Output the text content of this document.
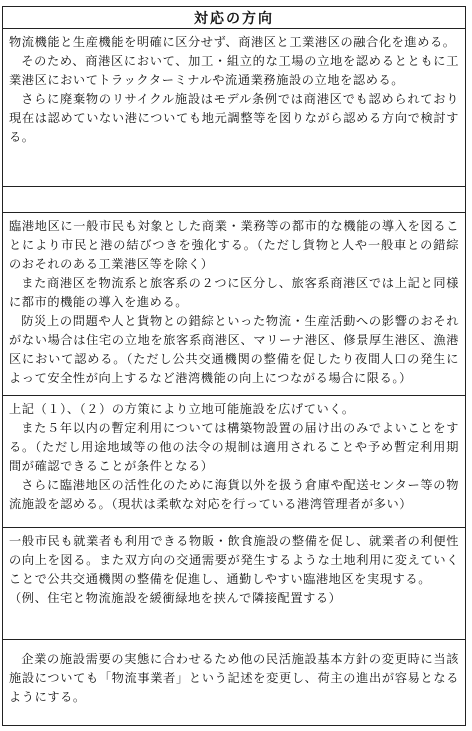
対応の方向

物流機能と生産機能を明確に区分せず、商港区と工業港区の融合化を進める。

そのため、商港区において、加工・組立的な工場の立地を認めるとともに工業港区においてトラックターミナルや流通業務施設の立地を認める。

さらに廃棄物のリサイクル施設はモデル条例では商港区でも認められており現在は認めていない港についても地元調整等を図りながら認める方向で検討する。

臨港地区に一般市民も対象とした商業・業務等の都市的な機能の導入を図ることにより市民と港の結びつきを強化する。（ただし貨物と人や一般車との錯綜のおそれのある工業港区等を除く）

また商港区を物流系と旅客系の２つに区分し、旅客系商港区では上記と同様に都市的機能の導入を進める。

防災上の問題や人と貨物との錯綜といった物流・生産活動への影響のおそれがない場合は住宅の立地を旅客系商港区、マリーナ港区、修景厚生港区、漁港区において認める。（ただし公共交通機関の整備を促したり夜間人口の発生によって安全性が向上するなど港湾機能の向上につながる場合に限る。）

上記（１）、（２）の方策により立地可能施設を広げていく。

また５年以内の暫定利用については構築物設置の届け出のみでよいことをする。（ただし用途地域等の他の法令の規制は適用されることや予め暫定利用期間が確認できることが条件となる）

さらに臨港地区の活性化のために海貨以外を扱う倉庫や配送センター等の物流施設を認める。（現状は柔軟な対応を行っている港湾管理者が多い）

一般市民も就業者も利用できる物販・飲食施設の整備を促し、就業者の利便性の向上を図る。また双方向の交通需要が発生するような土地利用に変えていくことで公共交通機関の整備を促進し、通勤しやすい臨港地区を実現する。

（例、住宅と物流施設を緩衝緑地を挟んで隣接配置する）

企業の施設需要の実態に合わせるため他の民活施設基本方針の変更時に当該施設についても「物流事業者」という記述を変更し、荷主の進出が容易となるようにする。
